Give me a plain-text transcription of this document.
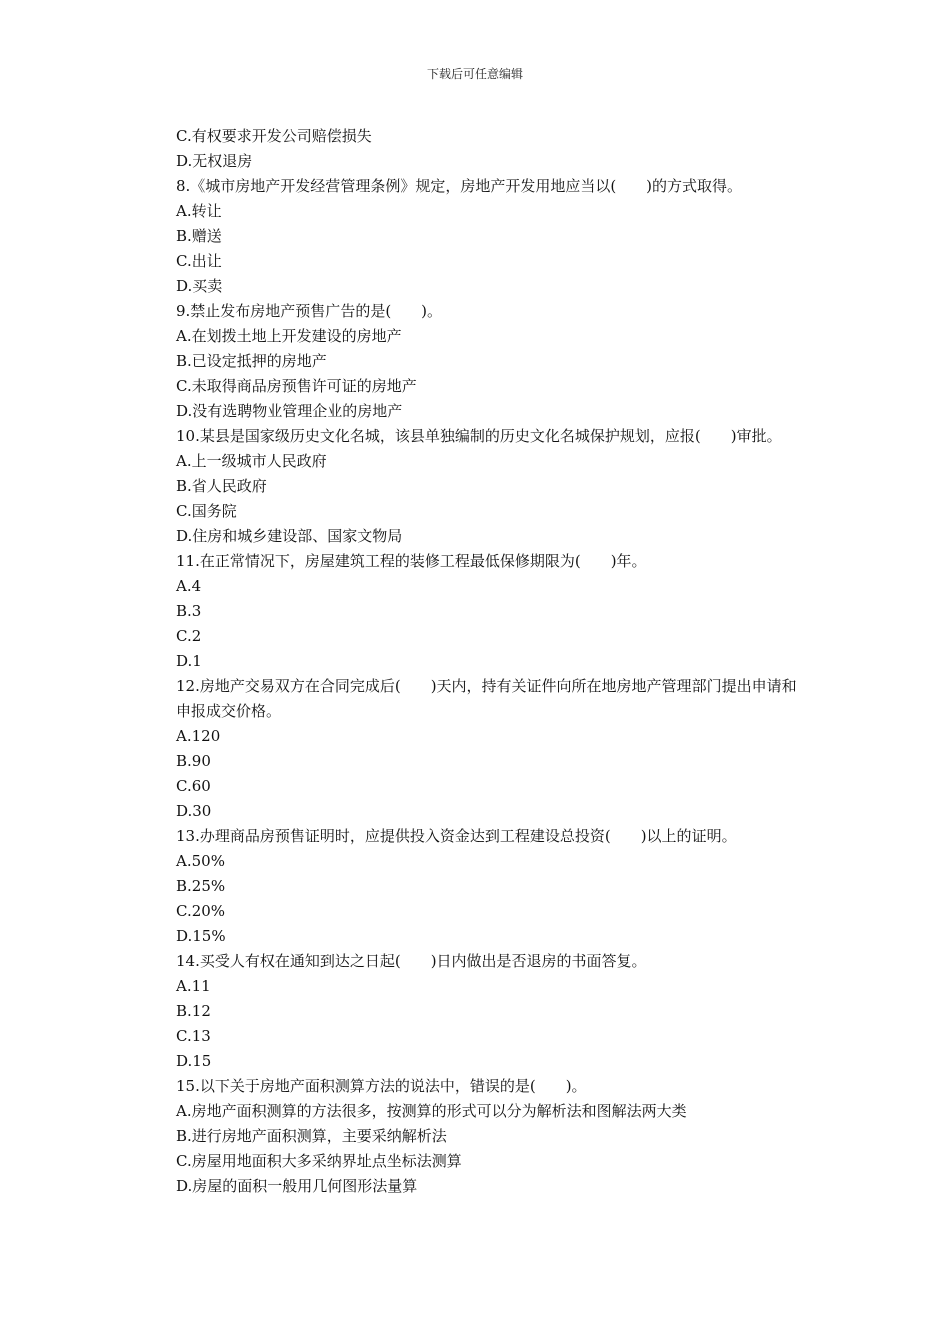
下载后可任意编辑

C.有权要求开发公司赔偿损失

D.无权退房

8.《城市房地产开发经营管理条例》规定，房地产开发用地应当以(　　)的方式取得。

A.转让

B.赠送

C.出让

D.买卖

9.禁止发布房地产预售广告的是(　　)。

A.在划拨土地上开发建设的房地产

B.已设定抵押的房地产

C.未取得商品房预售许可证的房地产

D.没有选聘物业管理企业的房地产

10.某县是国家级历史文化名城，该县单独编制的历史文化名城保护规划，应报(　　)审批。

A.上一级城市人民政府

B.省人民政府

C.国务院

D.住房和城乡建设部、国家文物局

11.在正常情况下，房屋建筑工程的装修工程最低保修期限为(　　)年。

A.4

B.3

C.2

D.1

12.房地产交易双方在合同完成后(　　)天内，持有关证件向所在地房地产管理部门提出申请和申报成交价格。

A.120

B.90

C.60

D.30

13.办理商品房预售证明时，应提供投入资金达到工程建设总投资(　　)以上的证明。

A.50%

B.25%

C.20%

D.15%

14.买受人有权在通知到达之日起(　　)日内做出是否退房的书面答复。

A.11

B.12

C.13

D.15

15.以下关于房地产面积测算方法的说法中，错误的是(　　)。

A.房地产面积测算的方法很多，按测算的形式可以分为解析法和图解法两大类

B.进行房地产面积测算，主要采纳解析法

C.房屋用地面积大多采纳界址点坐标法测算

D.房屋的面积一般用几何图形法量算
